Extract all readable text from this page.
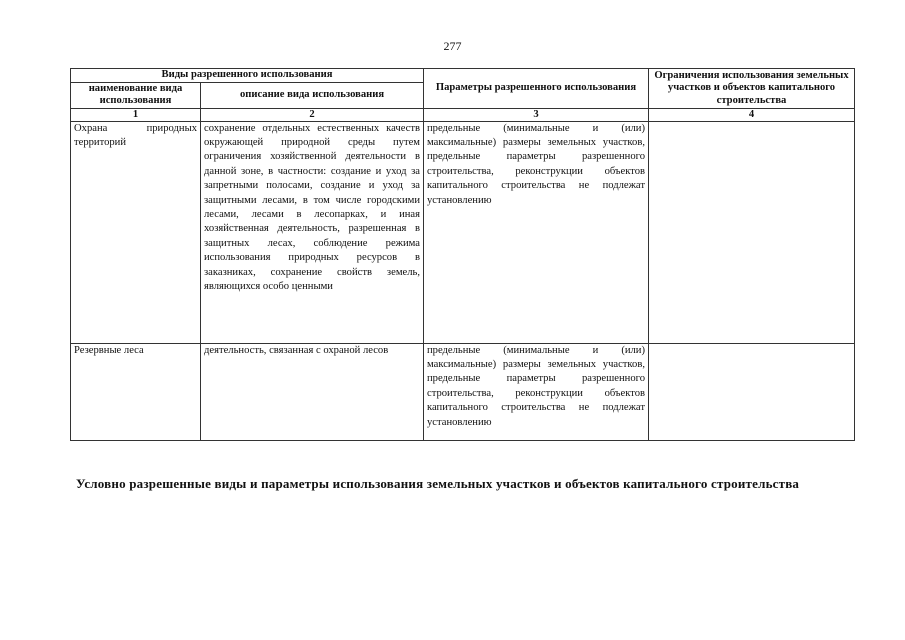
277
Виды разрешенного использования		Параметры разрешенного использования	Ограничения использования земельных участков и объектов капитального строительства
наименование вида использования	описание вида использования		
1	2	3	4
Охрана природных территорий	сохранение отдельных естественных качеств окружающей природной среды путем ограничения хозяйственной деятельности в данной зоне, в частности: создание и уход за запретными полосами, создание и уход за защитными лесами, в том числе городскими лесами, лесами в лесопарках, и иная хозяйственная деятельность, разрешенная в защитных лесах, соблюдение режима использования природных ресурсов в заказниках, сохранение свойств земель, являющихся особо ценными	предельные (минимальные и (или) максимальные) размеры земельных участков, предельные параметры разрешенного строительства, реконструкции объектов капитального строительства не подлежат установлению	
Резервные леса	деятельность, связанная с охраной лесов	предельные (минимальные и (или) максимальные) размеры земельных участков, предельные параметры разрешенного строительства, реконструкции объектов капитального строительства не подлежат установлению	
Условно разрешенные виды и параметры использования земельных участков и объектов капитального строительства
